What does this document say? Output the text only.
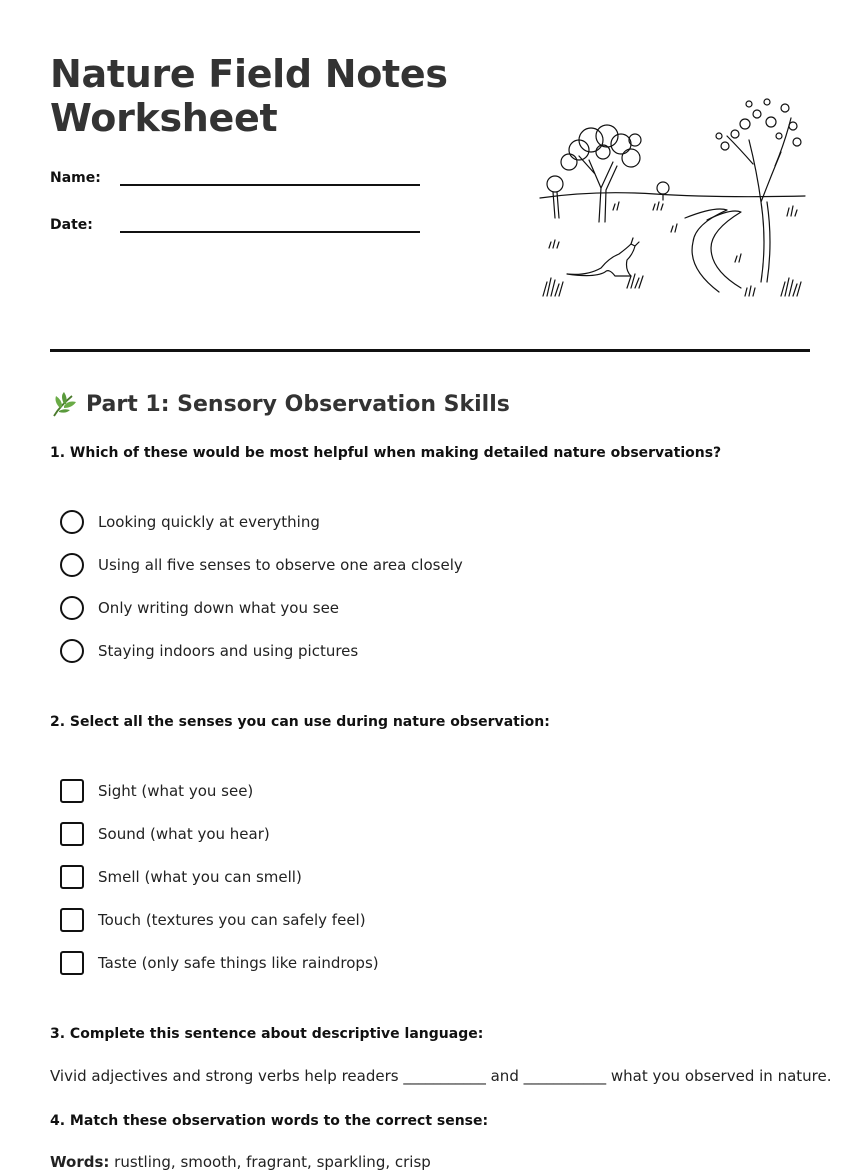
Nature Field Notes Worksheet
Name:
Date:
Part 1: Sensory Observation Skills

1. Which of these would be most helpful when making detailed nature observations?

Looking quickly at everything
Using all five senses to observe one area closely
Only writing down what you see
Staying indoors and using pictures

2. Select all the senses you can use during nature observation:

Sight (what you see)
Sound (what you hear)
Smell (what you can smell)
Touch (textures you can safely feel)
Taste (only safe things like raindrops)

3. Complete this sentence about descriptive language:

Vivid adjectives and strong verbs help readers ___________ and ___________ what you observed in nature.

4. Match these observation words to the correct sense:

Words: rustling, smooth, fragrant, sparkling, crisp
